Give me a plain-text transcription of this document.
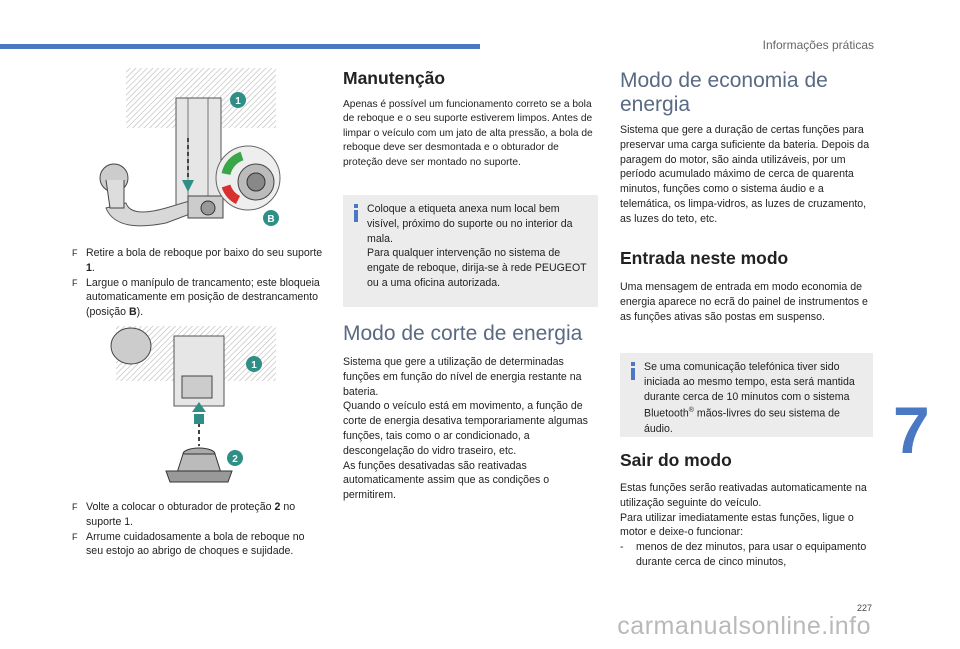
Informações práticas
1
B
F Retire a bola de reboque por baixo do seu suporte 1.
F Largue o manípulo de trancamento; este bloqueia automaticamente em posição de destrancamento (posição B).
1
2
F Volte a colocar o obturador de proteção 2 no suporte 1.
F Arrume cuidadosamente a bola de reboque no seu estojo ao abrigo de choques e sujidade.
Manutenção

Apenas é possível um funcionamento correto se a bola de reboque e o seu suporte estiverem limpos. Antes de limpar o veículo com um jato de alta pressão, a bola de reboque deve ser desmontada e o obturador de proteção deve ser montado no suporte.

Coloque a etiqueta anexa num local bem visível, próximo do suporte ou no interior da mala.

Para qualquer intervenção no sistema de engate de reboque, dirija-se à rede PEUGEOT ou a uma oficina autorizada.

Modo de corte de energia

Sistema que gere a utilização de determinadas funções em função do nível de energia restante na bateria.

Quando o veículo está em movimento, a função de corte de energia desativa temporariamente algumas funções, tais como o ar condicionado, a descongelação do vidro traseiro, etc.

As funções desativadas são reativadas automaticamente assim que as condições o permitirem.

Modo de economia de energia

Sistema que gere a duração de certas funções para preservar uma carga suficiente da bateria. Depois da paragem do motor, são ainda utilizáveis, por um período acumulado máximo de cerca de quarenta minutos, funções como o sistema áudio e a telemática, os limpa-vidros, as luzes de cruzamento, as luzes do teto, etc.

Entrada neste modo

Uma mensagem de entrada em modo economia de energia aparece no ecrã do painel de instrumentos e as funções ativas são postas em suspenso.

Se uma comunicação telefónica tiver sido iniciada ao mesmo tempo, esta será mantida durante cerca de 10 minutos com o sistema Bluetooth® mãos-livres do seu sistema de áudio.

Sair do modo

Estas funções serão reativadas automaticamente na utilização seguinte do veículo.

Para utilizar imediatamente estas funções, ligue o motor e deixe-o funcionar:

- menos de dez minutos, para usar o equipamento durante cerca de cinco minutos,

7
carmanualsonline.info
227
